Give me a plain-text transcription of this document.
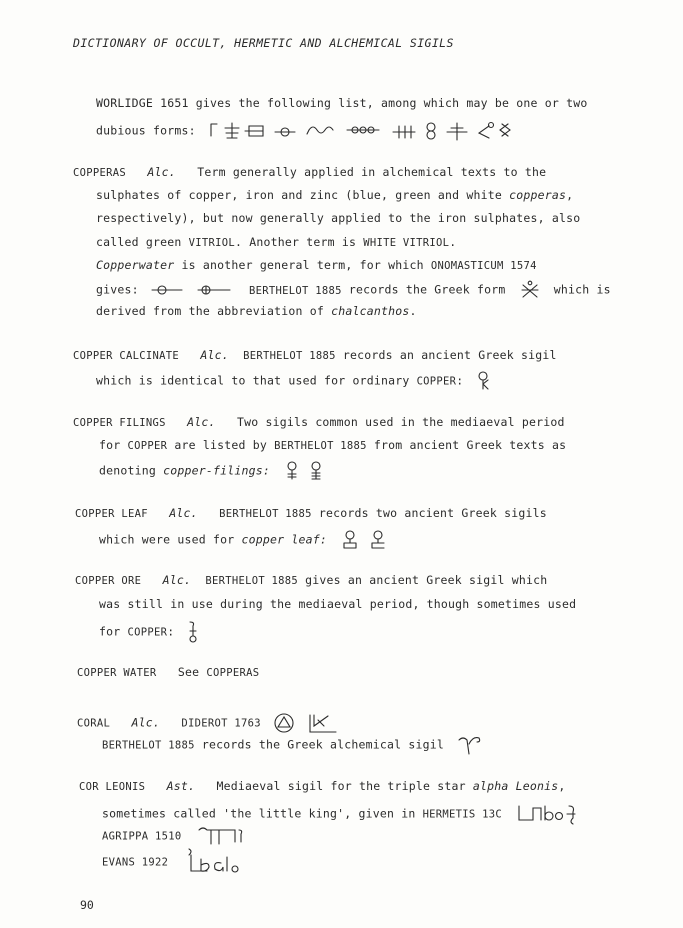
DICTIONARY OF OCCULT, HERMETIC AND ALCHEMICAL SIGILS
WORLIDGE 1651 gives the following list, among which may be one or two
dubious forms:
COPPERAS Alc. Term generally applied in alchemical texts to the
sulphates of copper, iron and zinc (blue, green and white copperas,
respectively), but now generally applied to the iron sulphates, also
called green VITRIOL. Another term is WHITE VITRIOL.
Copperwater is another general term, for which ONOMASTICUM 1574
gives:	BERTHELOT 1885 records the Greek form	which is
derived from the abbreviation of chalcanthos.
COPPER CALCINATE Alc. BERTHELOT 1885 records an ancient Greek sigil
which is identical to that used for ordinary COPPER:
COPPER FILINGS Alc. Two sigils common used in the mediaeval period
for COPPER are listed by BERTHELOT 1885 from ancient Greek texts as
denoting copper-filings:
COPPER LEAF Alc. BERTHELOT 1885 records two ancient Greek sigils
which were used for copper leaf:
COPPER ORE Alc. BERTHELOT 1885 gives an ancient Greek sigil which
was still in use during the mediaeval period, though sometimes used
for COPPER:
COPPER WATER See COPPERAS
CORAL Alc. DIDEROT 1763
BERTHELOT 1885 records the Greek alchemical sigil
COR LEONIS Ast. Mediaeval sigil for the triple star alpha Leonis,
sometimes called 'the little king', given in HERMETIS 13C
AGRIPPA 1510
EVANS 1922
90
